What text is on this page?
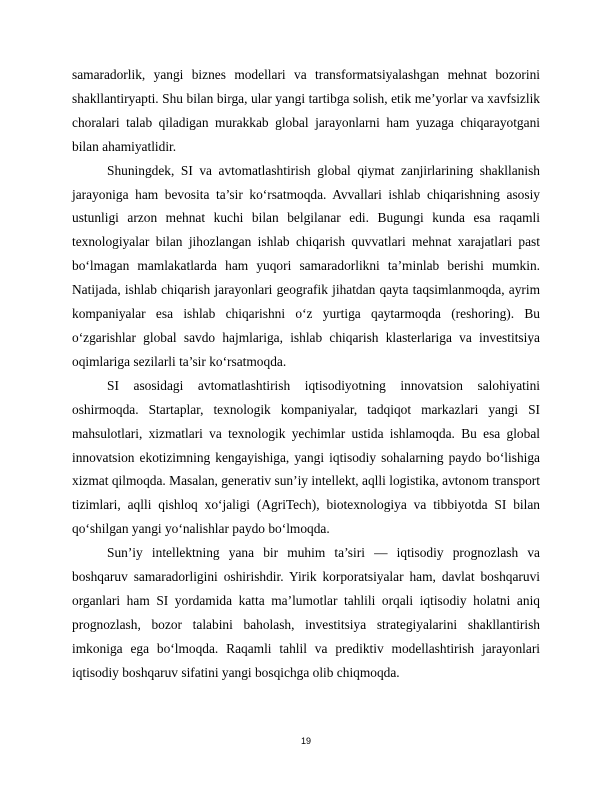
samaradorlik, yangi biznes modellari va transformatsiyalashgan mehnat bozorini shakllantiryapti. Shu bilan birga, ular yangi tartibga solish, etik me’yorlar va xavfsizlik choralari talab qiladigan murakkab global jarayonlarni ham yuzaga chiqarayotgani bilan ahamiyatlidir.

Shuningdek, SI va avtomatlashtirish global qiymat zanjirlarining shakllanish jarayoniga ham bevosita ta’sir ko‘rsatmoqda. Avvallari ishlab chiqarishning asosiy ustunligi arzon mehnat kuchi bilan belgilanar edi. Bugungi kunda esa raqamli texnologiyalar bilan jihozlangan ishlab chiqarish quvvatlari mehnat xarajatlari past bo‘lmagan mamlakatlarda ham yuqori samaradorlikni ta’minlab berishi mumkin. Natijada, ishlab chiqarish jarayonlari geografik jihatdan qayta taqsimlanmoqda, ayrim kompaniyalar esa ishlab chiqarishni o‘z yurtiga qaytarmoqda (reshoring). Bu o‘zgarishlar global savdo hajmlariga, ishlab chiqarish klasterlariga va investitsiya oqimlariga sezilarli ta’sir ko‘rsatmoqda.

SI asosidagi avtomatlashtirish iqtisodiyotning innovatsion salohiyatini oshirmoqda. Startaplar, texnologik kompaniyalar, tadqiqot markazlari yangi SI mahsulotlari, xizmatlari va texnologik yechimlar ustida ishlamoqda. Bu esa global innovatsion ekotizimning kengayishiga, yangi iqtisodiy sohalarning paydo bo‘lishiga xizmat qilmoqda. Masalan, generativ sun’iy intellekt, aqlli logistika, avtonom transport tizimlari, aqlli qishloq xo‘jaligi (AgriTech), biotexnologiya va tibbiyotda SI bilan qo‘shilgan yangi yo‘nalishlar paydo bo‘lmoqda.

Sun’iy intellektning yana bir muhim ta’siri — iqtisodiy prognozlash va boshqaruv samaradorligini oshirishdir. Yirik korporatsiyalar ham, davlat boshqaruvi organlari ham SI yordamida katta ma’lumotlar tahlili orqali iqtisodiy holatni aniq prognozlash, bozor talabini baholash, investitsiya strategiyalarini shakllantirish imkoniga ega bo‘lmoqda. Raqamli tahlil va prediktiv modellashtirish jarayonlari iqtisodiy boshqaruv sifatini yangi bosqichga olib chiqmoqda.

19
